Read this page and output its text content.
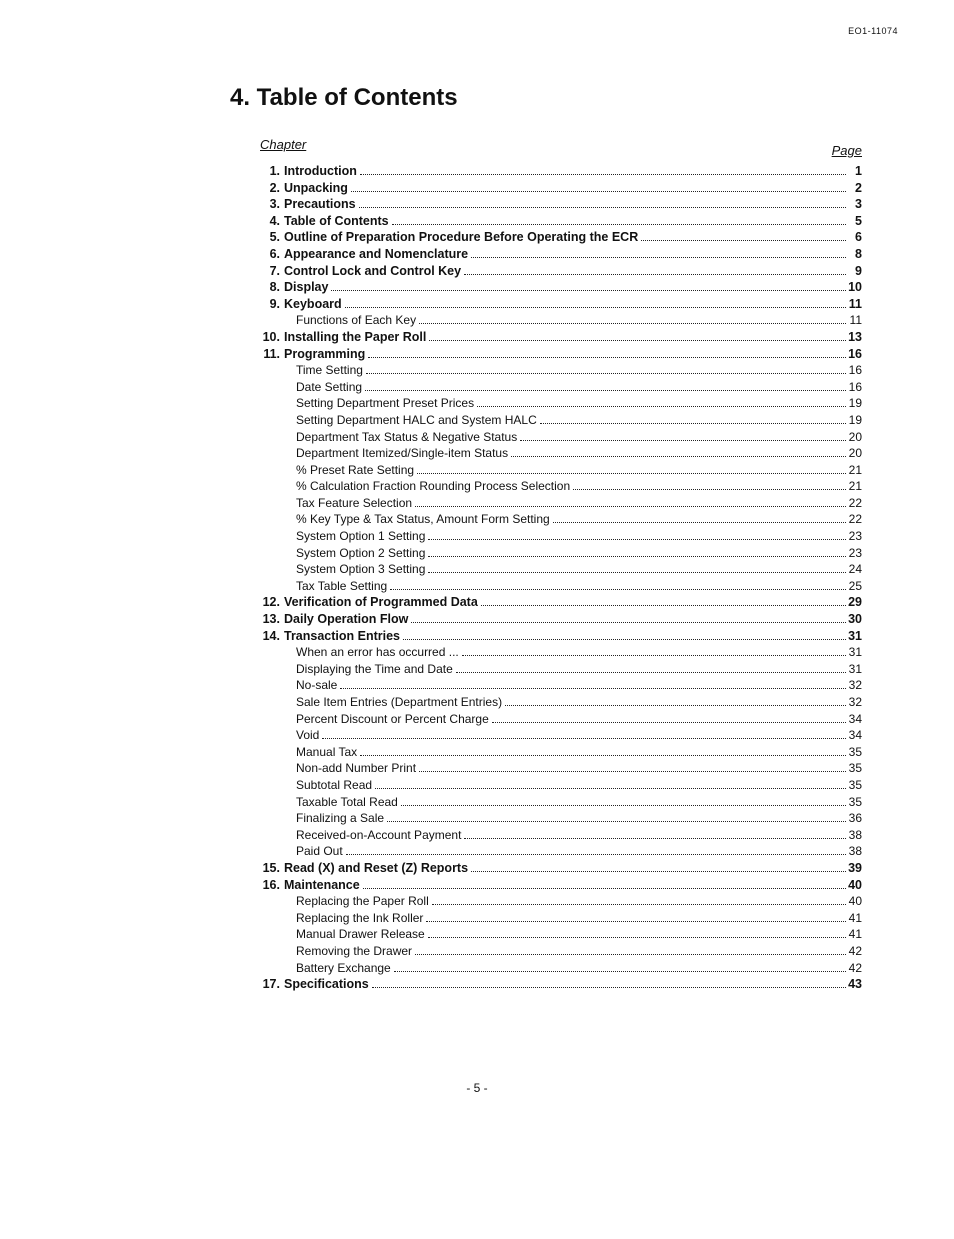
EO1-11074
4. Table of Contents
Chapter	Page
1. Introduction	1
2. Unpacking	2
3. Precautions	3
4. Table of Contents	5
5. Outline of Preparation Procedure Before Operating the ECR	6
6. Appearance and Nomenclature	8
7. Control Lock and Control Key	9
8. Display	10
9. Keyboard	11
Functions of Each Key	11
10. Installing the Paper Roll	13
11. Programming	16
Time Setting	16
Date Setting	16
Setting Department Preset Prices	19
Setting Department HALC and System HALC	19
Department Tax Status & Negative Status	20
Department Itemized/Single-item Status	20
% Preset Rate Setting	21
% Calculation Fraction Rounding Process Selection	21
Tax Feature Selection	22
% Key Type & Tax Status, Amount Form Setting	22
System Option 1 Setting	23
System Option 2 Setting	23
System Option 3 Setting	24
Tax Table Setting	25
12. Verification of Programmed Data	29
13. Daily Operation Flow	30
14. Transaction Entries	31
When an error has occurred ...	31
Displaying the Time and Date	31
No-sale	32
Sale Item Entries (Department Entries)	32
Percent Discount or Percent Charge	34
Void	34
Manual Tax	35
Non-add Number Print	35
Subtotal Read	35
Taxable Total Read	35
Finalizing a Sale	36
Received-on-Account Payment	38
Paid Out	38
15. Read (X) and Reset (Z) Reports	39
16. Maintenance	40
Replacing the Paper Roll	40
Replacing the Ink Roller	41
Manual Drawer Release	41
Removing the Drawer	42
Battery Exchange	42
17. Specifications	43
- 5 -
